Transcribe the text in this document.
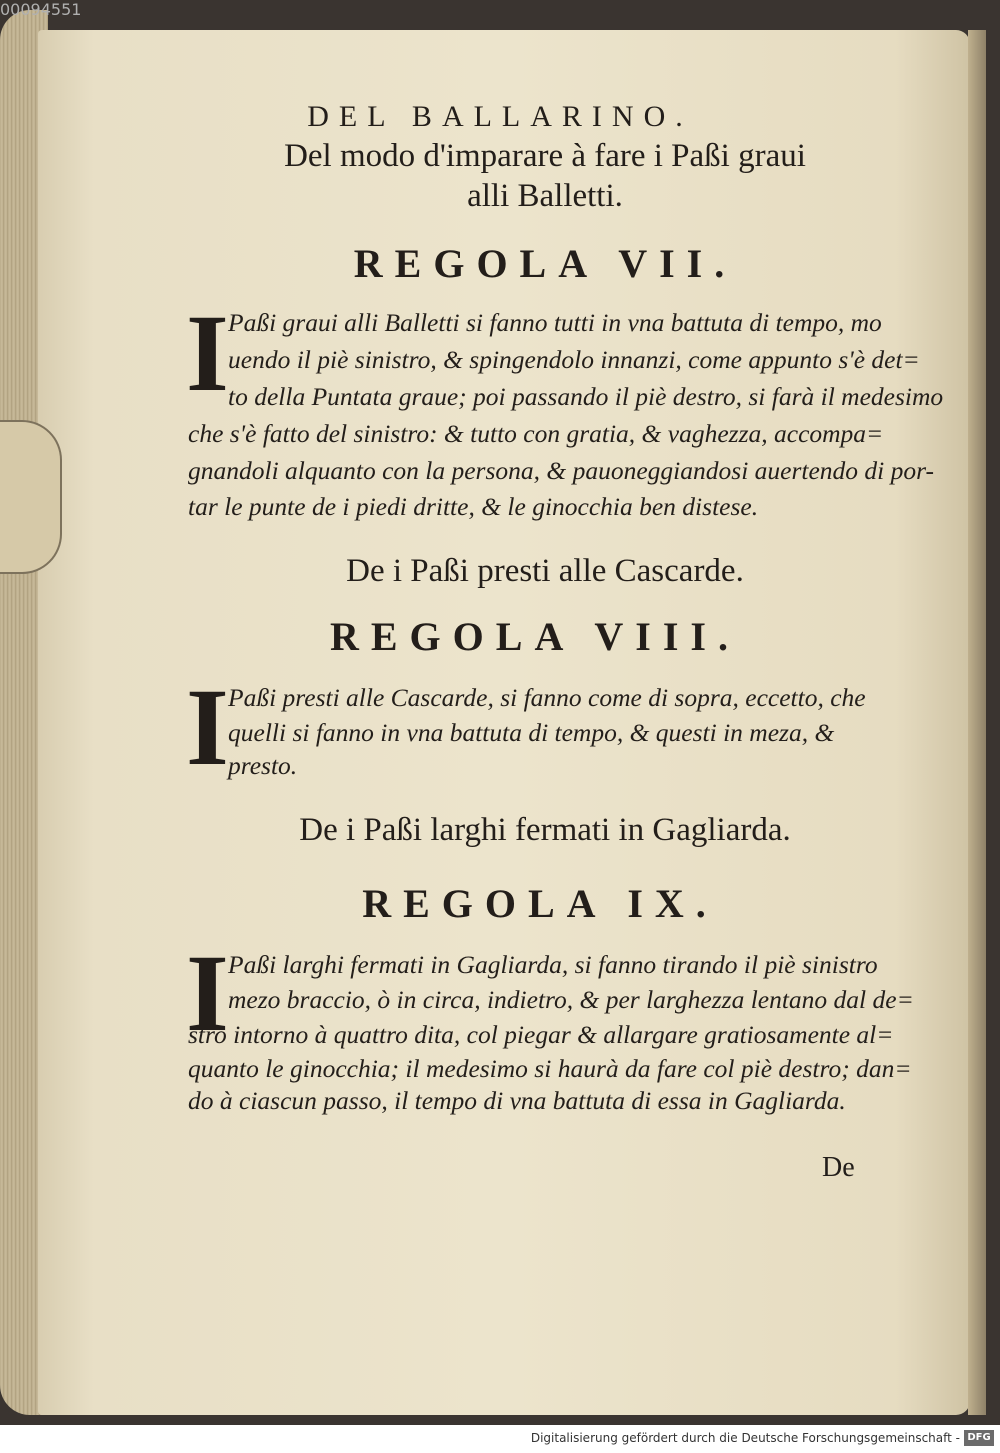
00094551
DEL BALLARINO.
Del modo d'imparare à fare i Paßi graui
alli Balletti.
REGOLA VII.
I Paßi graui alli Balletti si fanno tutti in vna battuta di tempo, mo
uendo il piè sinistro, & spingendolo innanzi, come appunto s'è det=
to della Puntata graue; poi passando il piè destro, si farà il medesimo
che s'è fatto del sinistro: & tutto con gratia, & vaghezza, accompa=
gnandoli alquanto con la persona, & pauoneggiandosi auertendo di por-
tar le punte de i piedi dritte, & le ginocchia ben distese.
De i Paßi presti alle Cascarde.
REGOLA VIII.
I Paßi presti alle Cascarde, si fanno come di sopra, eccetto, che
quelli si fanno in vna battuta di tempo, & questi in meza, &
presto.
De i Paßi larghi fermati in Gagliarda.
REGOLA IX.
I Paßi larghi fermati in Gagliarda, si fanno tirando il piè sinistro
mezo braccio, ò in circa, indietro, & per larghezza lentano dal de=
stro intorno à quattro dita, col piegar & allargare gratiosamente al=
quanto le ginocchia; il medesimo si haurà da fare col piè destro; dan=
do à ciascun passo, il tempo di vna battuta di essa in Gagliarda.
De
Digitalisierung gefördert durch die Deutsche Forschungsgemeinschaft - DFG
